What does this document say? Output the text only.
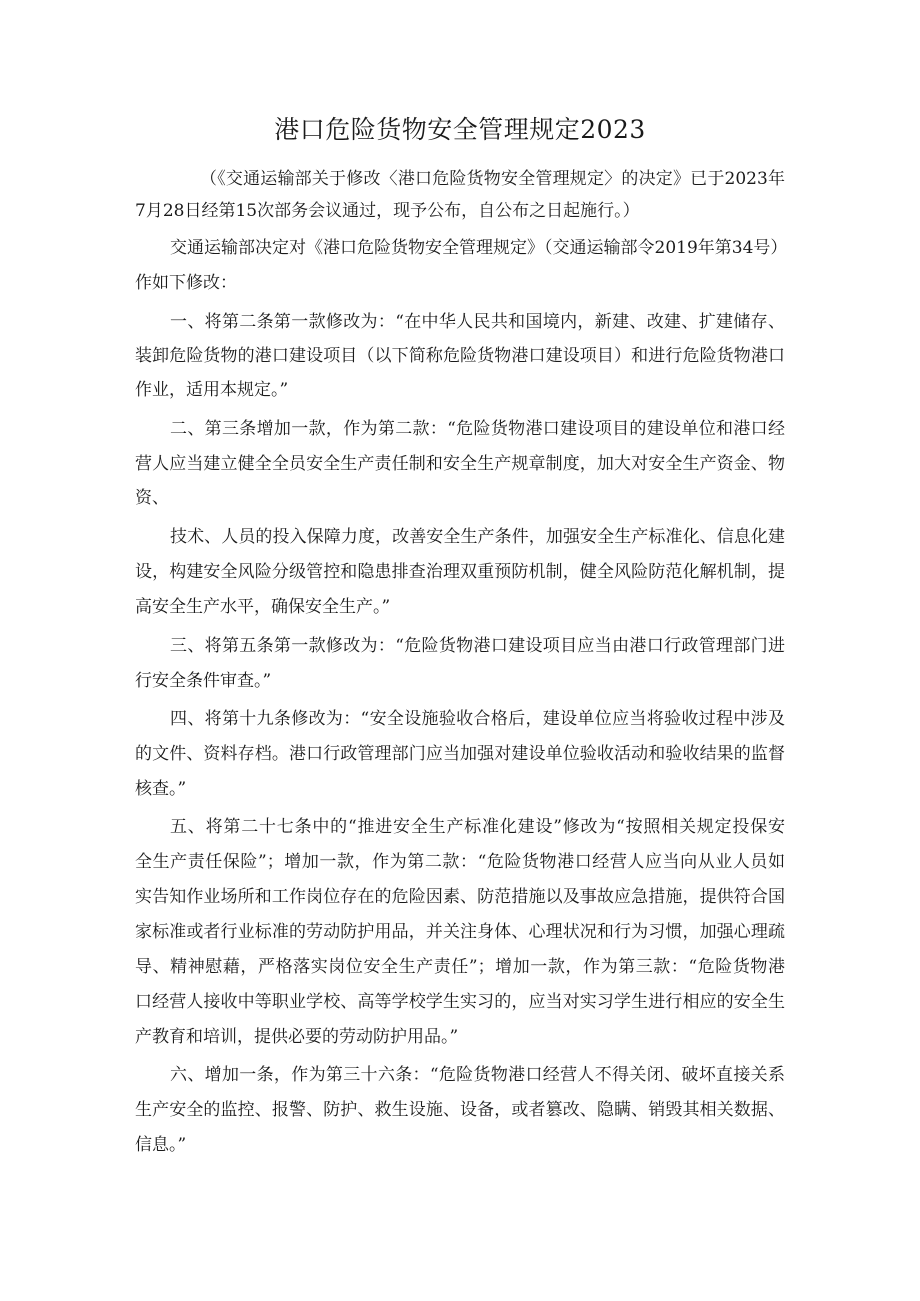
港口危险货物安全管理规定2023

（《交通运输部关于修改〈港口危险货物安全管理规定〉的决定》已于2023年

7月28日经第15次部务会议通过，现予公布，自公布之日起施行。）

交通运输部决定对《港口危险货物安全管理规定》（交通运输部令2019年第34号）

作如下修改：

一、将第二条第一款修改为：“在中华人民共和国境内，新建、改建、扩建储存、

装卸危险货物的港口建设项目（以下简称危险货物港口建设项目）和进行危险货物港口

作业，适用本规定。”

二、第三条增加一款，作为第二款：“危险货物港口建设项目的建设单位和港口经

营人应当建立健全全员安全生产责任制和安全生产规章制度，加大对安全生产资金、物

资、

技术、人员的投入保障力度，改善安全生产条件，加强安全生产标准化、信息化建

设，构建安全风险分级管控和隐患排查治理双重预防机制，健全风险防范化解机制，提

高安全生产水平，确保安全生产。”

三、将第五条第一款修改为：“危险货物港口建设项目应当由港口行政管理部门进

行安全条件审查。”

四、将第十九条修改为：“安全设施验收合格后，建设单位应当将验收过程中涉及

的文件、资料存档。港口行政管理部门应当加强对建设单位验收活动和验收结果的监督

核查。”

五、将第二十七条中的“推进安全生产标准化建设”修改为“按照相关规定投保安

全生产责任保险”；增加一款，作为第二款：“危险货物港口经营人应当向从业人员如

实告知作业场所和工作岗位存在的危险因素、防范措施以及事故应急措施，提供符合国

家标准或者行业标准的劳动防护用品，并关注身体、心理状况和行为习惯，加强心理疏

导、精神慰藉，严格落实岗位安全生产责任”；增加一款，作为第三款：“危险货物港

口经营人接收中等职业学校、高等学校学生实习的，应当对实习学生进行相应的安全生

产教育和培训，提供必要的劳动防护用品。”

六、增加一条，作为第三十六条：“危险货物港口经营人不得关闭、破坏直接关系

生产安全的监控、报警、防护、救生设施、设备，或者篡改、隐瞒、销毁其相关数据、

信息。”
